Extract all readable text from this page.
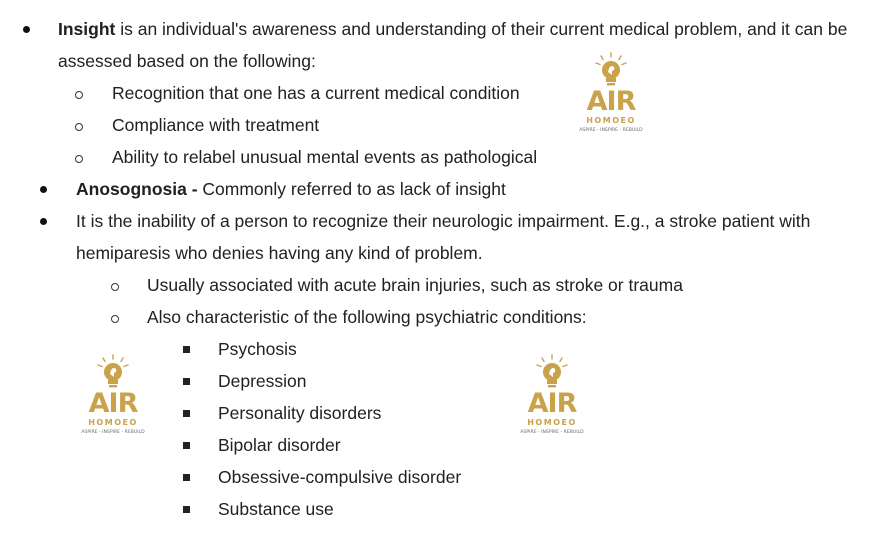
Insight is an individual's awareness and understanding of their current medical problem, and it can be
assessed based on the following:
Recognition that one has a current medical condition
Compliance with treatment
Ability to relabel unusual mental events as pathological
Anosognosia - Commonly referred to as lack of insight
It is the inability of a person to recognize their neurologic impairment. E.g., a stroke patient with
hemiparesis who denies having any kind of problem.
Usually associated with acute brain injuries, such as stroke or trauma
Also characteristic of the following psychiatric conditions:
Psychosis
Depression
Personality disorders
Bipolar disorder
Obsessive-compulsive disorder
Substance use
AIR
HOMOEO
ASPIRE - INSPIRE - REBUILD
AIR
HOMOEO
ASPIRE - INSPIRE - REBUILD
AIR
HOMOEO
ASPIRE - INSPIRE - REBUILD
